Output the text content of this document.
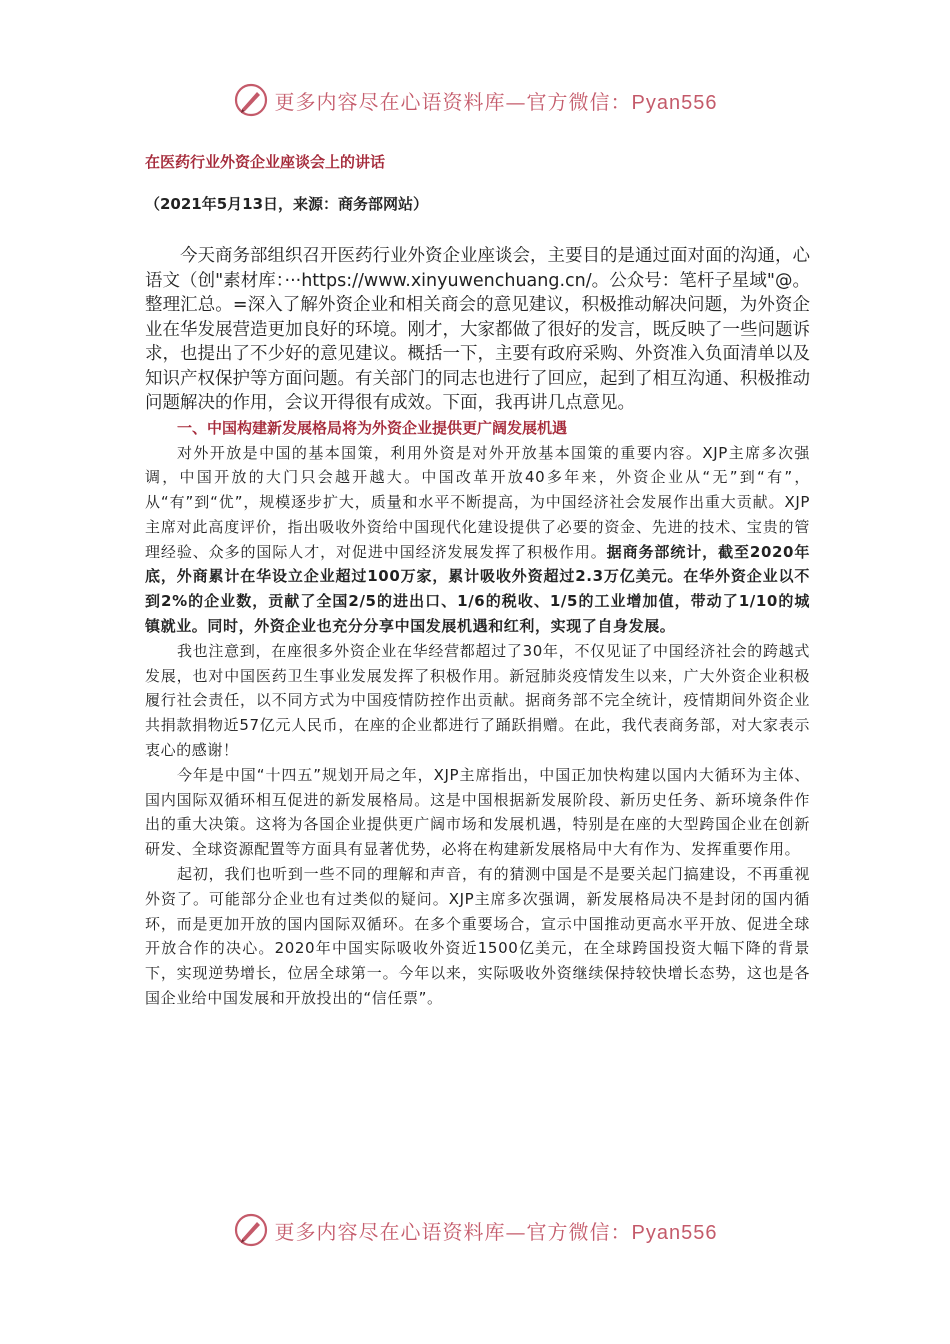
更多内容尽在心语资料库—官方微信：Pyan556
在医药行业外资企业座谈会上的讲话
（2021年5月13日，来源：商务部网站）

今天商务部组织召开医药行业外资企业座谈会，主要目的是通过面对面的沟通，心语文（创"素材库：···https://www.xinyuwenchuang.cn/。公众号：笔杆子星域"@。整理汇总。=深入了解外资企业和相关商会的意见建议，积极推动解决问题，为外资企业在华发展营造更加良好的环境。刚才，大家都做了很好的发言，既反映了一些问题诉求，也提出了不少好的意见建议。概括一下，主要有政府采购、外资准入负面清单以及知识产权保护等方面问题。有关部门的同志也进行了回应，起到了相互沟通、积极推动问题解决的作用，会议开得很有成效。下面，我再讲几点意见。

一、中国构建新发展格局将为外资企业提供更广阔发展机遇

对外开放是中国的基本国策，利用外资是对外开放基本国策的重要内容。XJP主席多次强调，中国开放的大门只会越开越大。中国改革开放40多年来，外资企业从“无”到“有”，从“有”到“优”，规模逐步扩大，质量和水平不断提高，为中国经济社会发展作出重大贡献。XJP主席对此高度评价，指出吸收外资给中国现代化建设提供了必要的资金、先进的技术、宝贵的管理经验、众多的国际人才，对促进中国经济发展发挥了积极作用。据商务部统计，截至2020年底，外商累计在华设立企业超过100万家，累计吸收外资超过2.3万亿美元。在华外资企业以不到2%的企业数，贡献了全国2/5的进出口、1/6的税收、1/5的工业增加值，带动了1/10的城镇就业。同时，外资企业也充分分享中国发展机遇和红利，实现了自身发展。

我也注意到，在座很多外资企业在华经营都超过了30年，不仅见证了中国经济社会的跨越式发展，也对中国医药卫生事业发展发挥了积极作用。新冠肺炎疫情发生以来，广大外资企业积极履行社会责任，以不同方式为中国疫情防控作出贡献。据商务部不完全统计，疫情期间外资企业共捐款捐物近57亿元人民币，在座的企业都进行了踊跃捐赠。在此，我代表商务部，对大家表示衷心的感谢！

今年是中国“十四五”规划开局之年，XJP主席指出，中国正加快构建以国内大循环为主体、国内国际双循环相互促进的新发展格局。这是中国根据新发展阶段、新历史任务、新环境条件作出的重大决策。这将为各国企业提供更广阔市场和发展机遇，特别是在座的大型跨国企业在创新研发、全球资源配置等方面具有显著优势，必将在构建新发展格局中大有作为、发挥重要作用。

起初，我们也听到一些不同的理解和声音，有的猜测中国是不是要关起门搞建设，不再重视外资了。可能部分企业也有过类似的疑问。XJP主席多次强调，新发展格局决不是封闭的国内循环，而是更加开放的国内国际双循环。在多个重要场合，宣示中国推动更高水平开放、促进全球开放合作的决心。2020年中国实际吸收外资近1500亿美元，在全球跨国投资大幅下降的背景下，实现逆势增长，位居全球第一。今年以来，实际吸收外资继续保持较快增长态势，这也是各国企业给中国发展和开放投出的“信任票”。

更多内容尽在心语资料库—官方微信：Pyan556
